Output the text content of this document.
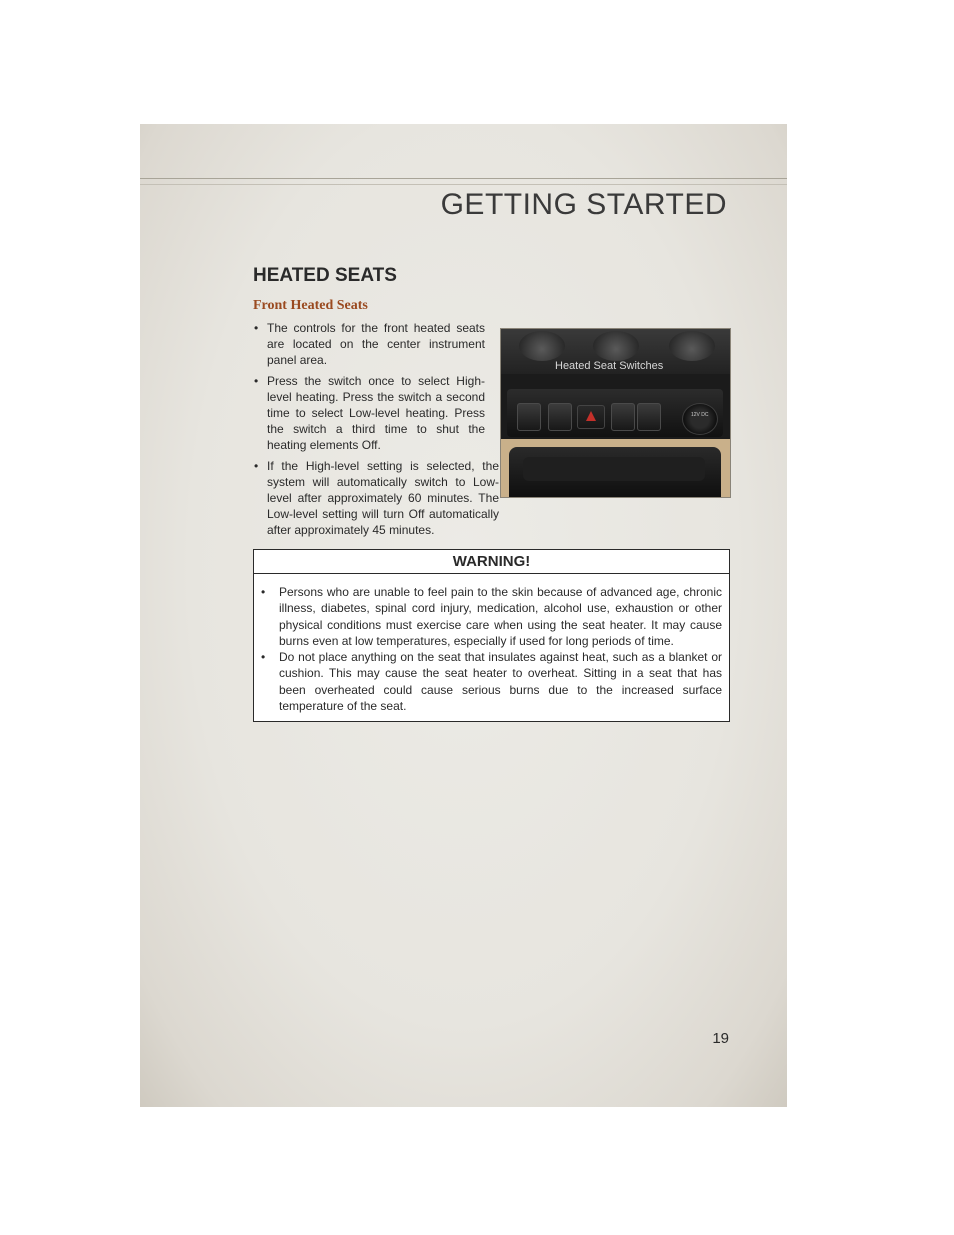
GETTING STARTED
HEATED SEATS
Front Heated Seats
• The controls for the front heated seats are located on the center instrument panel area.
• Press the switch once to select High-level heating. Press the switch a second time to select Low-level heating. Press the switch a third time to shut the heating elements Off.
• If the High-level setting is selected, the system will automatically switch to Low-level after approximately 60 minutes. The Low-level setting will turn Off automatically after approximately 45 minutes.
Heated Seat Switches
12V DC
WARNING!
• Persons who are unable to feel pain to the skin because of advanced age, chronic illness, diabetes, spinal cord injury, medication, alcohol use, exhaustion or other physical conditions must exercise care when using the seat heater. It may cause burns even at low temperatures, especially if used for long periods of time.
• Do not place anything on the seat that insulates against heat, such as a blanket or cushion. This may cause the seat heater to overheat. Sitting in a seat that has been overheated could cause serious burns due to the increased surface temperature of the seat.
19
